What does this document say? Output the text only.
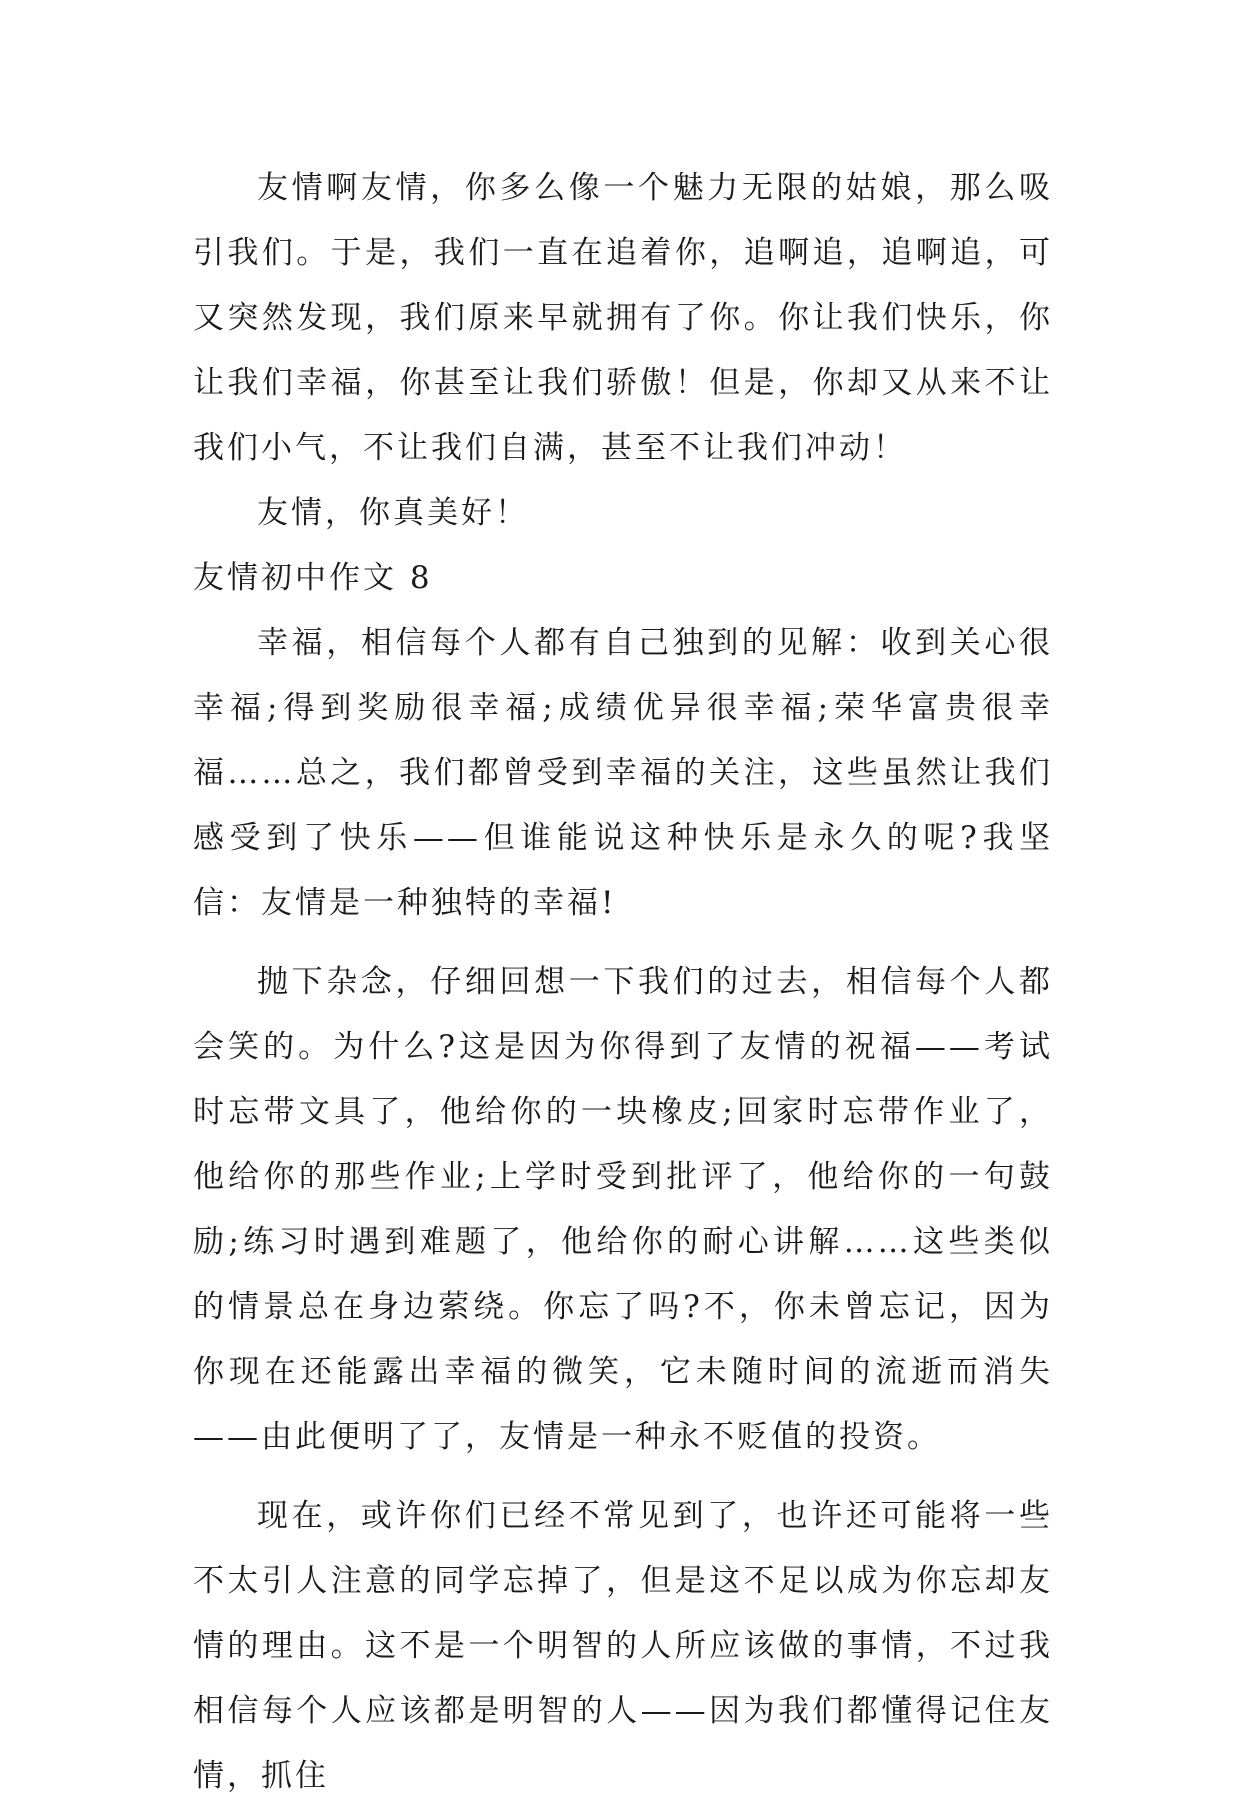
友情啊友情，你多么像一个魅力无限的姑娘，那么吸引我们。于是，我们一直在追着你，追啊追，追啊追，可又突然发现，我们原来早就拥有了你。你让我们快乐，你让我们幸福，你甚至让我们骄傲！但是，你却又从来不让我们小气，不让我们自满，甚至不让我们冲动！

友情，你真美好！

友情初中作文 8

幸福，相信每个人都有自己独到的见解：收到关心很幸福;得到奖励很幸福;成绩优异很幸福;荣华富贵很幸福……总之，我们都曾受到幸福的关注，这些虽然让我们感受到了快乐——但谁能说这种快乐是永久的呢?我坚信：友情是一种独特的幸福!

抛下杂念，仔细回想一下我们的过去，相信每个人都会笑的。为什么?这是因为你得到了友情的祝福——考试时忘带文具了，他给你的一块橡皮;回家时忘带作业了，他给你的那些作业;上学时受到批评了，他给你的一句鼓励;练习时遇到难题了，他给你的耐心讲解……这些类似的情景总在身边萦绕。你忘了吗?不，你未曾忘记，因为你现在还能露出幸福的微笑，它未随时间的流逝而消失——由此便明了了，友情是一种永不贬值的投资。

现在，或许你们已经不常见到了，也许还可能将一些不太引人注意的同学忘掉了，但是这不足以成为你忘却友情的理由。这不是一个明智的人所应该做的事情，不过我相信每个人应该都是明智的人——因为我们都懂得记住友情，抓住
